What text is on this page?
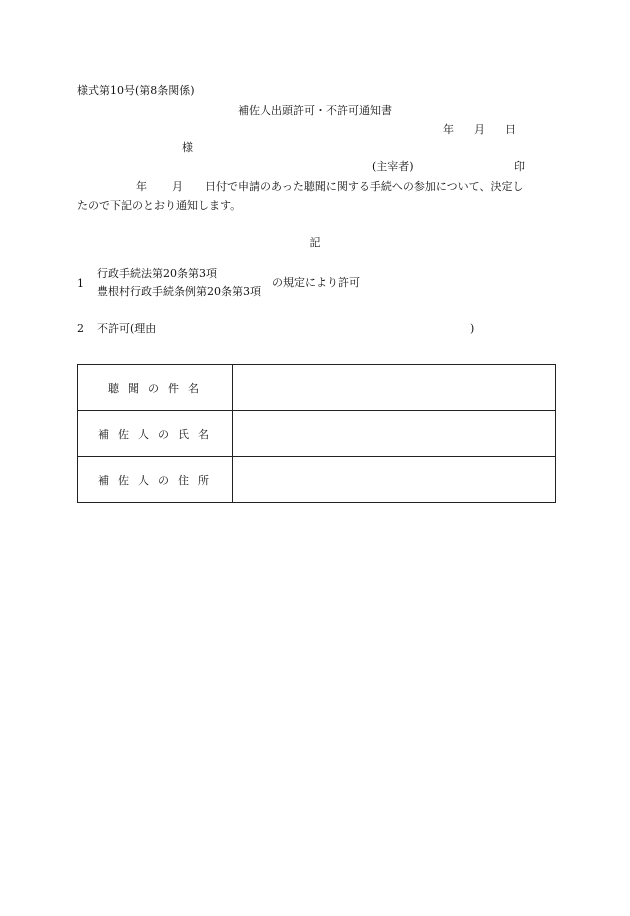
様式第10号(第8条関係)
補佐人出頭許可・不許可通知書
年 月 日
様
(主宰者)	印
年 月 日付で申請のあった聴聞に関する手続への参加について、決定し
たので下記のとおり通知します。
記
1
行政手続法第20条第3項
豊根村行政手続条例第20条第3項
の規定により許可
2 不許可(理由	)
聴聞の件名	
補佐人の氏名	
補佐人の住所	
